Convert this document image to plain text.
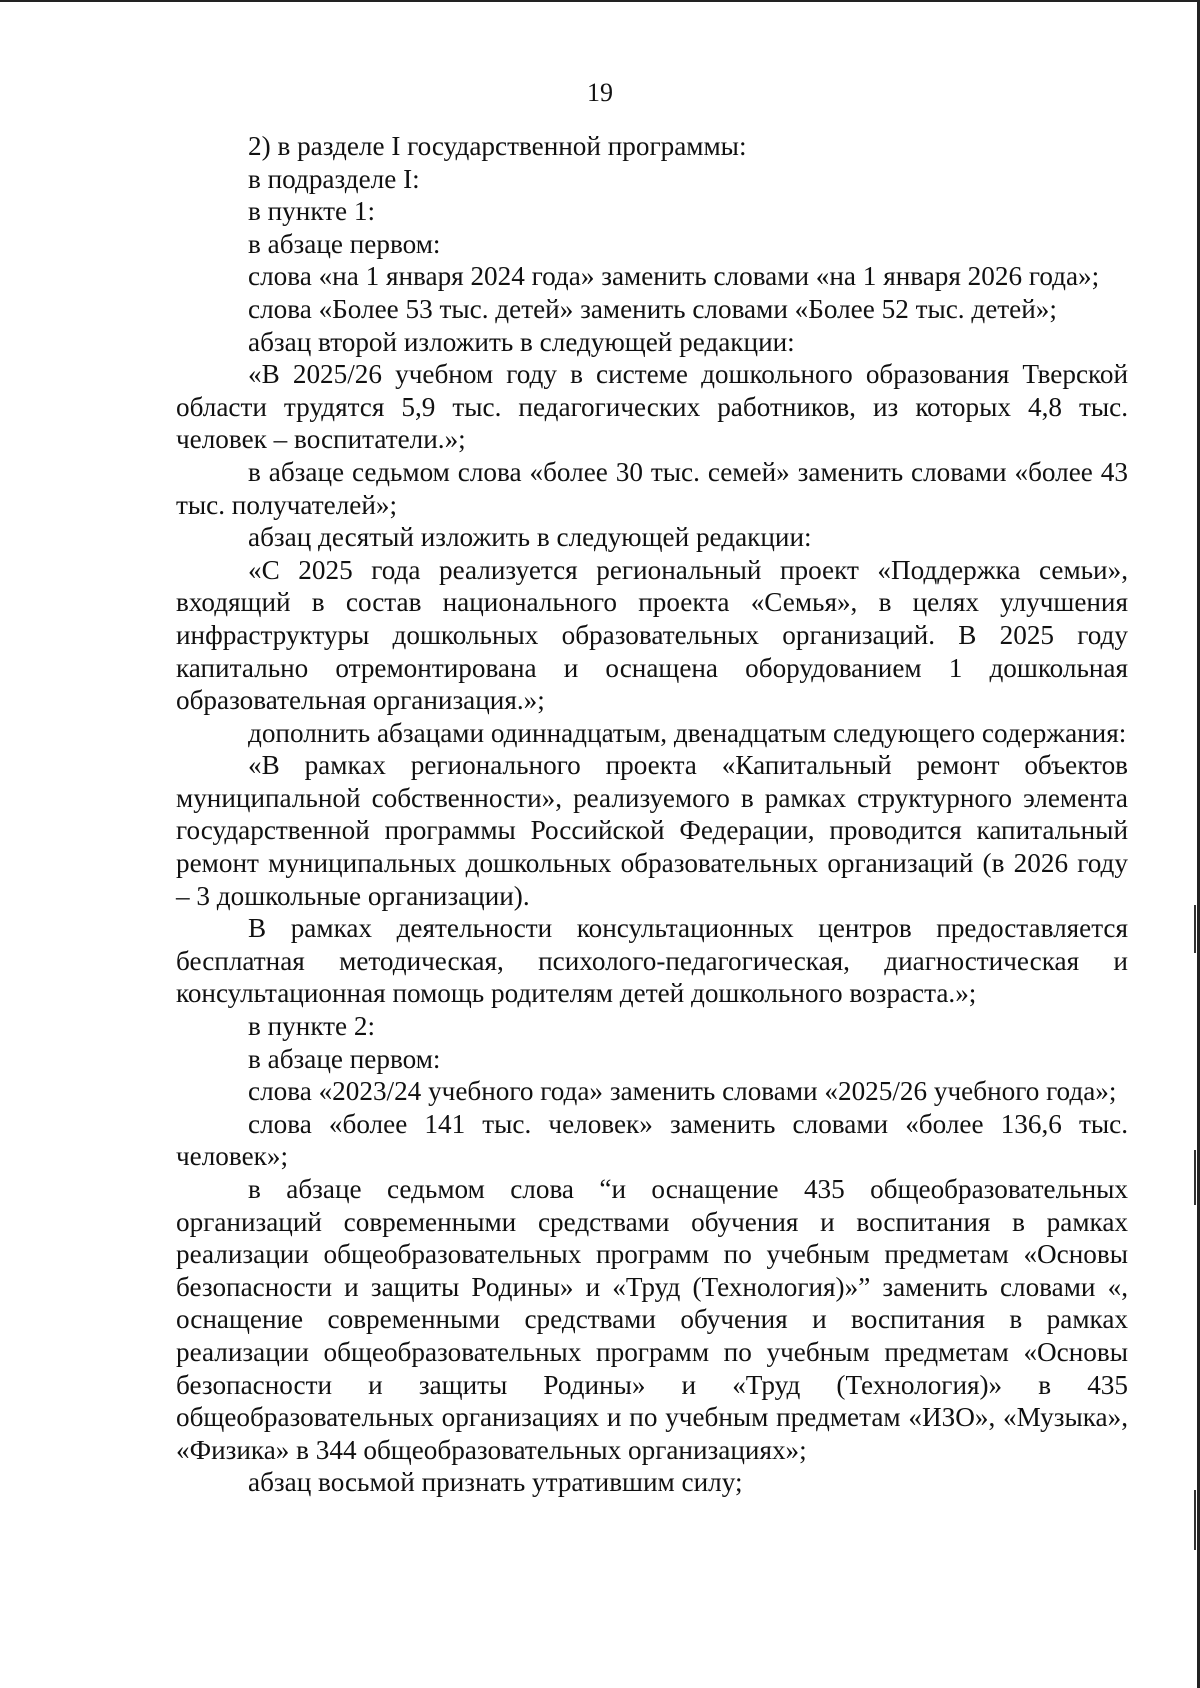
19

2) в разделе I государственной программы:

в подразделе I:

в пункте 1:

в абзаце первом:

слова «на 1 января 2024 года» заменить словами «на 1 января 2026 года»;

слова «Более 53 тыс. детей» заменить словами «Более 52 тыс. детей»;

абзац второй изложить в следующей редакции:

«В 2025/26 учебном году в системе дошкольного образования Тверской области трудятся 5,9 тыс. педагогических работников, из которых 4,8 тыс. человек – воспитатели.»;

в абзаце седьмом слова «более 30 тыс. семей» заменить словами «более 43 тыс. получателей»;

абзац десятый изложить в следующей редакции:

«С 2025 года реализуется региональный проект «Поддержка семьи», входящий в состав национального проекта «Семья», в целях улучшения инфраструктуры дошкольных образовательных организаций. В 2025 году капитально отремонтирована и оснащена оборудованием 1 дошкольная образовательная организация.»;

дополнить абзацами одиннадцатым, двенадцатым следующего содержания:

«В рамках регионального проекта «Капитальный ремонт объектов муниципальной собственности», реализуемого в рамках структурного элемента государственной программы Российской Федерации, проводится капитальный ремонт муниципальных дошкольных образовательных организаций (в 2026 году – 3 дошкольные организации).

В рамках деятельности консультационных центров предоставляется бесплатная методическая, психолого-педагогическая, диагностическая и консультационная помощь родителям детей дошкольного возраста.»;

в пункте 2:

в абзаце первом:

слова «2023/24 учебного года» заменить словами «2025/26 учебного года»;

слова «более 141 тыс. человек» заменить словами «более 136,6 тыс. человек»;

в абзаце седьмом слова “и оснащение 435 общеобразовательных организаций современными средствами обучения и воспитания в рамках реализации общеобразовательных программ по учебным предметам «Основы безопасности и защиты Родины» и «Труд (Технология)»” заменить словами «, оснащение современными средствами обучения и воспитания в рамках реализации общеобразовательных программ по учебным предметам «Основы безопасности и защиты Родины» и «Труд (Технология)» в 435 общеобразовательных организациях и по учебным предметам «ИЗО», «Музыка», «Физика» в 344 общеобразовательных организациях»;

абзац восьмой признать утратившим силу;
